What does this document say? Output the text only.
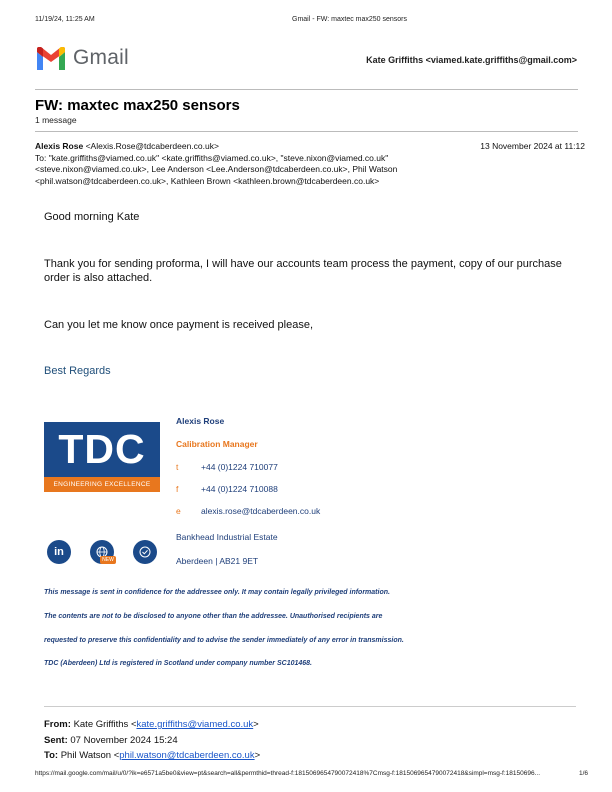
11/19/24, 11:25 AM	Gmail - FW: maxtec max250 sensors
Gmail	Kate Griffiths <viamed.kate.griffiths@gmail.com>
FW: maxtec max250 sensors
1 message
Alexis Rose <Alexis.Rose@tdcaberdeen.co.uk>	13 November 2024 at 11:12
To: "kate.griffiths@viamed.co.uk" <kate.griffiths@viamed.co.uk>, "steve.nixon@viamed.co.uk"
<steve.nixon@viamed.co.uk>, Lee Anderson <Lee.Anderson@tdcaberdeen.co.uk>, Phil Watson
<phil.watson@tdcaberdeen.co.uk>, Kathleen Brown <kathleen.brown@tdcaberdeen.co.uk>
Good morning Kate
Thank you for sending proforma, I will have our accounts team process the payment, copy of our purchase order is also attached.
Can you let me know once payment is received please,
Best Regards
TDC
ENGINEERING EXCELLENCE
Alexis Rose
Calibration Manager
t	+44 (0)1224 710077
f	+44 (0)1224 710088
e alexis.rose@tdcaberdeen.co.uk
Bankhead Industrial Estate
Aberdeen | AB21 9ET
in
NEW
This message is sent in confidence for the addressee only. It may contain legally privileged information.
The contents are not to be disclosed to anyone other than the addressee. Unauthorised recipients are
requested to preserve this confidentiality and to advise the sender immediately of any error in transmission.
TDC (Aberdeen) Ltd is registered in Scotland under company number SC101468.
From: Kate Griffiths <kate.griffiths@viamed.co.uk>
Sent: 07 November 2024 15:24
To: Phil Watson <phil.watson@tdcaberdeen.co.uk>
https://mail.google.com/mail/u/0/?ik=e6571a5be0&view=pt&search=all&permthid=thread-f:1815069654790072418%7Cmsg-f:1815069654790072418&simpl=msg-f:18150696...	1/6
